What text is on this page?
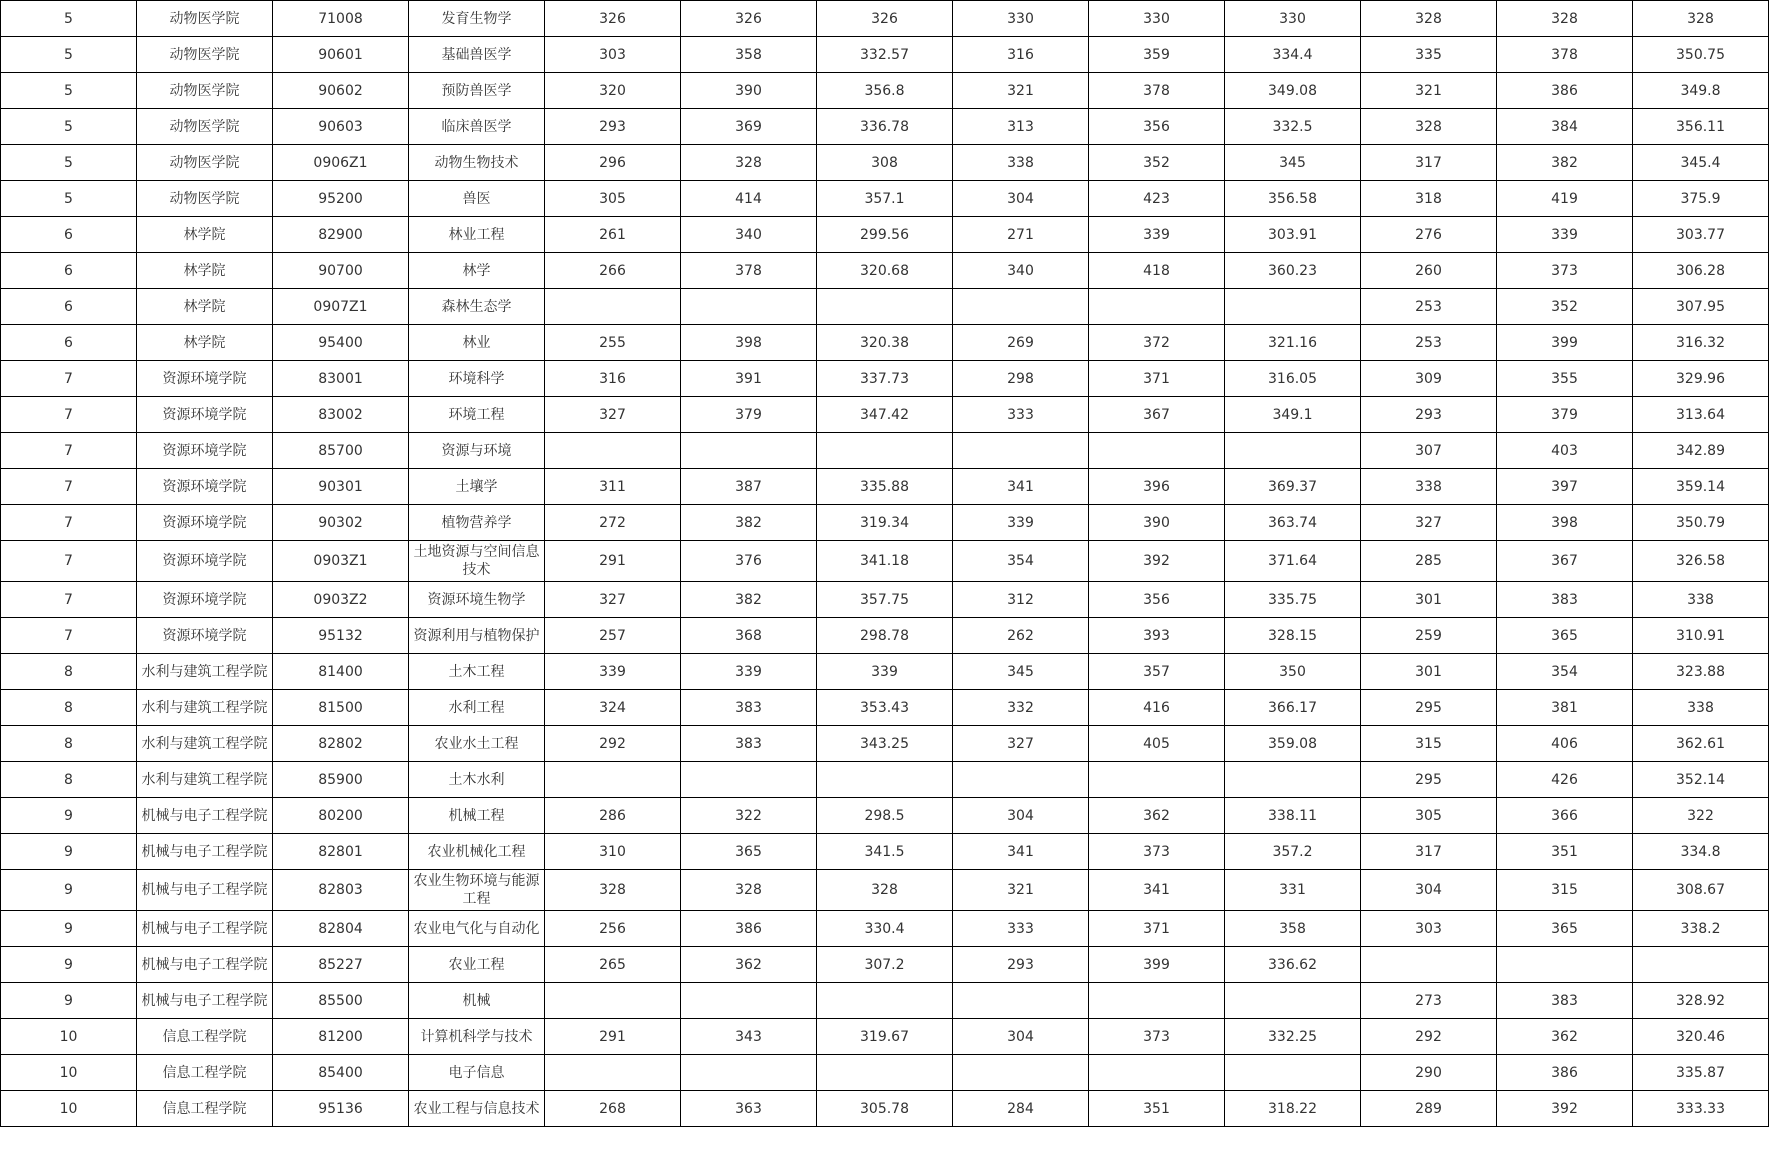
5	动物医学院	71008	发育生物学	326	326	326	330	330	330	328	328	328
5	动物医学院	90601	基础兽医学	303	358	332.57	316	359	334.4	335	378	350.75
5	动物医学院	90602	预防兽医学	320	390	356.8	321	378	349.08	321	386	349.8
5	动物医学院	90603	临床兽医学	293	369	336.78	313	356	332.5	328	384	356.11
5	动物医学院	0906Z1	动物生物技术	296	328	308	338	352	345	317	382	345.4
5	动物医学院	95200	兽医	305	414	357.1	304	423	356.58	318	419	375.9
6	林学院	82900	林业工程	261	340	299.56	271	339	303.91	276	339	303.77
6	林学院	90700	林学	266	378	320.68	340	418	360.23	260	373	306.28
6	林学院	0907Z1	森林生态学							253	352	307.95
6	林学院	95400	林业	255	398	320.38	269	372	321.16	253	399	316.32
7	资源环境学院	83001	环境科学	316	391	337.73	298	371	316.05	309	355	329.96
7	资源环境学院	83002	环境工程	327	379	347.42	333	367	349.1	293	379	313.64
7	资源环境学院	85700	资源与环境							307	403	342.89
7	资源环境学院	90301	土壤学	311	387	335.88	341	396	369.37	338	397	359.14
7	资源环境学院	90302	植物营养学	272	382	319.34	339	390	363.74	327	398	350.79
7	资源环境学院	0903Z1	土地资源与空间信息技术	291	376	341.18	354	392	371.64	285	367	326.58
7	资源环境学院	0903Z2	资源环境生物学	327	382	357.75	312	356	335.75	301	383	338
7	资源环境学院	95132	资源利用与植物保护	257	368	298.78	262	393	328.15	259	365	310.91
8	水利与建筑工程学院	81400	土木工程	339	339	339	345	357	350	301	354	323.88
8	水利与建筑工程学院	81500	水利工程	324	383	353.43	332	416	366.17	295	381	338
8	水利与建筑工程学院	82802	农业水土工程	292	383	343.25	327	405	359.08	315	406	362.61
8	水利与建筑工程学院	85900	土木水利							295	426	352.14
9	机械与电子工程学院	80200	机械工程	286	322	298.5	304	362	338.11	305	366	322
9	机械与电子工程学院	82801	农业机械化工程	310	365	341.5	341	373	357.2	317	351	334.8
9	机械与电子工程学院	82803	农业生物环境与能源工程	328	328	328	321	341	331	304	315	308.67
9	机械与电子工程学院	82804	农业电气化与自动化	256	386	330.4	333	371	358	303	365	338.2
9	机械与电子工程学院	85227	农业工程	265	362	307.2	293	399	336.62			
9	机械与电子工程学院	85500	机械							273	383	328.92
10	信息工程学院	81200	计算机科学与技术	291	343	319.67	304	373	332.25	292	362	320.46
10	信息工程学院	85400	电子信息							290	386	335.87
10	信息工程学院	95136	农业工程与信息技术	268	363	305.78	284	351	318.22	289	392	333.33
